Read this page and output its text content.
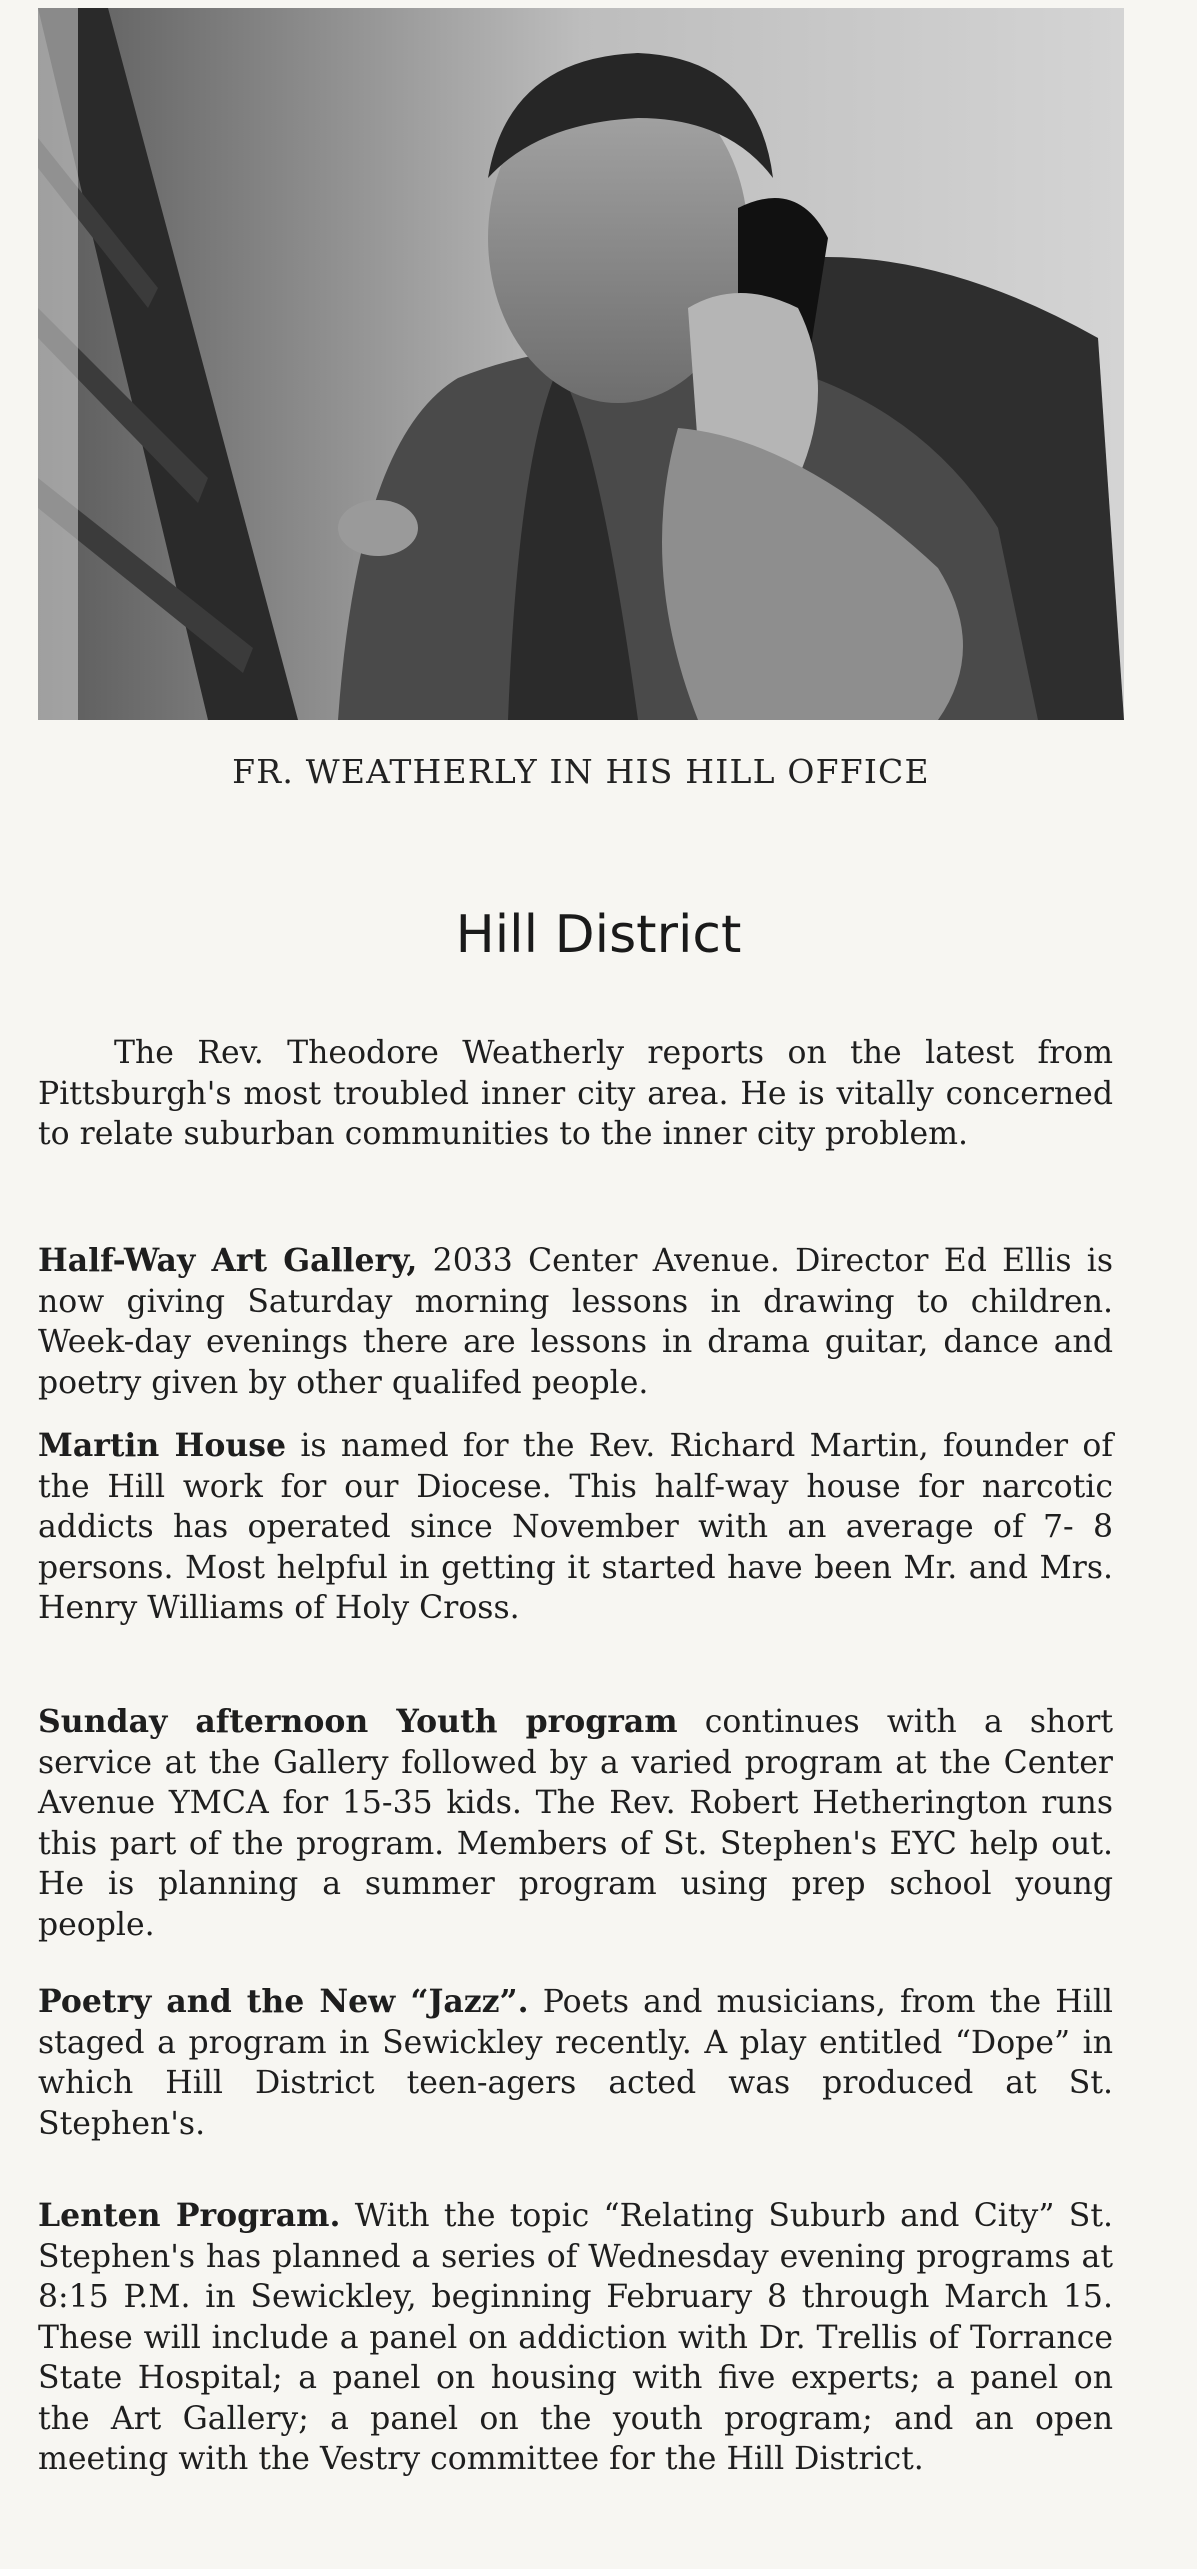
FR. WEATHERLY IN HIS HILL OFFICE
Hill District

The Rev. Theodore Weatherly reports on the latest from Pittsburgh's most troubled inner city area. He is vitally concerned to relate suburban communities to the inner city problem.

Half-Way Art Gallery, 2033 Center Avenue. Director Ed Ellis is now giving Saturday morning lessons in drawing to children. Week-day evenings there are lessons in drama guitar, dance and poetry given by other qualifed people.

Martin House is named for the Rev. Richard Martin, founder of the Hill work for our Diocese. This half-way house for narcotic addicts has operated since November with an average of 7- 8 persons. Most helpful in getting it started have been Mr. and Mrs. Henry Williams of Holy Cross.

Sunday afternoon Youth program continues with a short service at the Gallery followed by a varied program at the Center Avenue YMCA for 15-35 kids. The Rev. Robert Hetherington runs this part of the program. Members of St. Stephen's EYC help out. He is planning a summer program using prep school young people.

Poetry and the New “Jazz”. Poets and musicians, from the Hill staged a program in Sewickley recently. A play entitled “Dope” in which Hill District teen-agers acted was produced at St. Stephen's.

Lenten Program. With the topic “Relating Suburb and City” St. Stephen's has planned a series of Wednesday evening programs at 8:15 P.M. in Sewickley, beginning February 8 through March 15. These will include a panel on addiction with Dr. Trellis of Torrance State Hospital; a panel on housing with five experts; a panel on the Art Gallery; a panel on the youth program; and an open meeting with the Vestry committee for the Hill District.
